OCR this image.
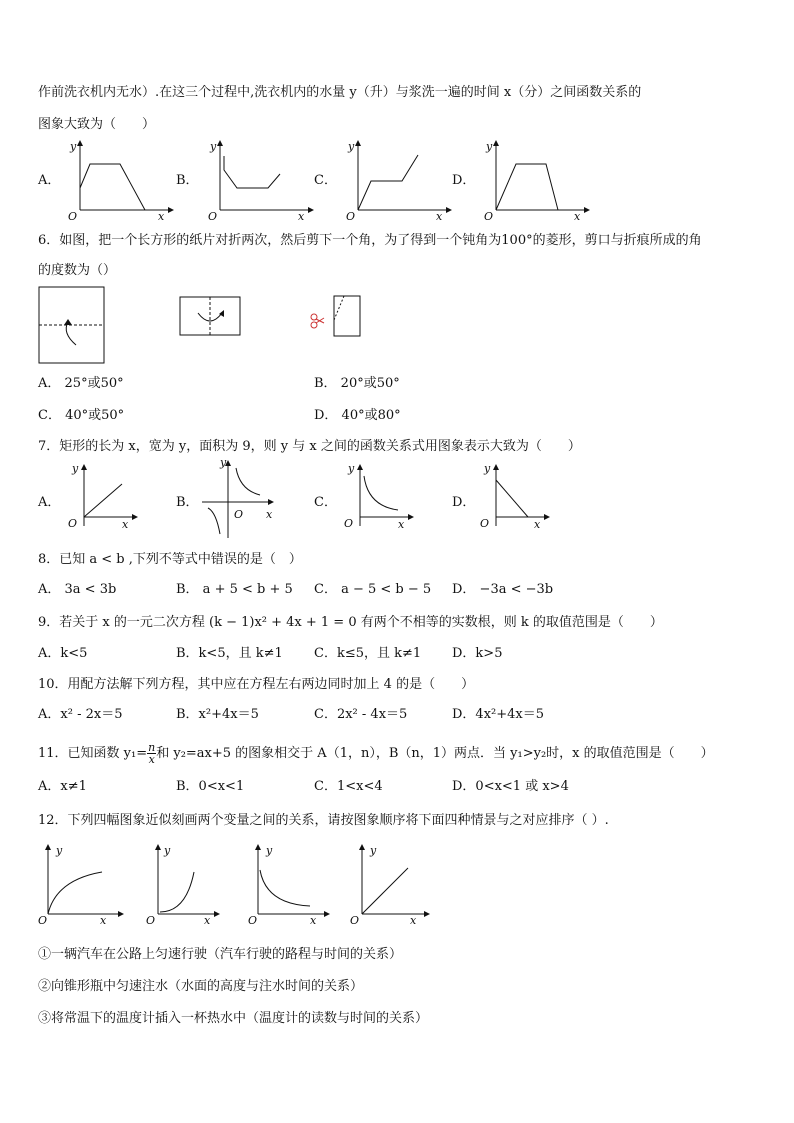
作前洗衣机内无水）.在这三个过程中,洗衣机内的水量 y（升）与浆洗一遍的时间 x（分）之间函数关系的
图象大致为（　　）
A．
y
O	x
B．
y
O	x
C．
y
O	x
D．
y
O	x
6．如图，把一个长方形的纸片对折两次，然后剪下一个角，为了得到一个钝角为100°的菱形，剪口与折痕所成的角
的度数为（）
A． 25°或50°	B． 20°或50°
C． 40°或50°	D． 40°或80°
7．矩形的长为 x，宽为 y，面积为 9，则 y 与 x 之间的函数关系式用图象表示大致为（　　）
A．
y
O	x
B．
y
O x
C．
y
O	x
D．
y
O	x
8．已知 a < b ,下列不等式中错误的是（　）
A． 3a < 3b	B． a + 5 < b + 5 C． a − 5 < b − 5 D． −3a < −3b
9．若关于 x 的一元二次方程 (k − 1)x² + 4x + 1 = 0 有两个不相等的实数根，则 k 的取值范围是（　　）
A．k<5	B．k<5，且 k≠1 C．k≤5，且 k≠1 D．k>5
10．用配方法解下列方程，其中应在方程左右两边同时加上 4 的是（　　）
A．x² - 2x＝5	B．x²+4x＝5	C．2x² - 4x＝5	D．4x²+4x＝5
11．已知函数 $y_1= \frac{n}{x}$ 和 y₂=ax+5 的图象相交于 A（1，n），B（n，1）两点．当 y₁>y₂时，x 的取值范围是（　　）
A．x≠1	B．0<x<1	C．1<x<4	D．0<x<1 或 x>4
12．下列四幅图象近似刻画两个变量之间的关系，请按图象顺序将下面四种情景与之对应排序（ ）.
y
O	x
y
O	x
y
O	x
y
O	x
①一辆汽车在公路上匀速行驶（汽车行驶的路程与时间的关系）
②向锥形瓶中匀速注水（水面的高度与注水时间的关系）
③将常温下的温度计插入一杯热水中（温度计的读数与时间的关系）
